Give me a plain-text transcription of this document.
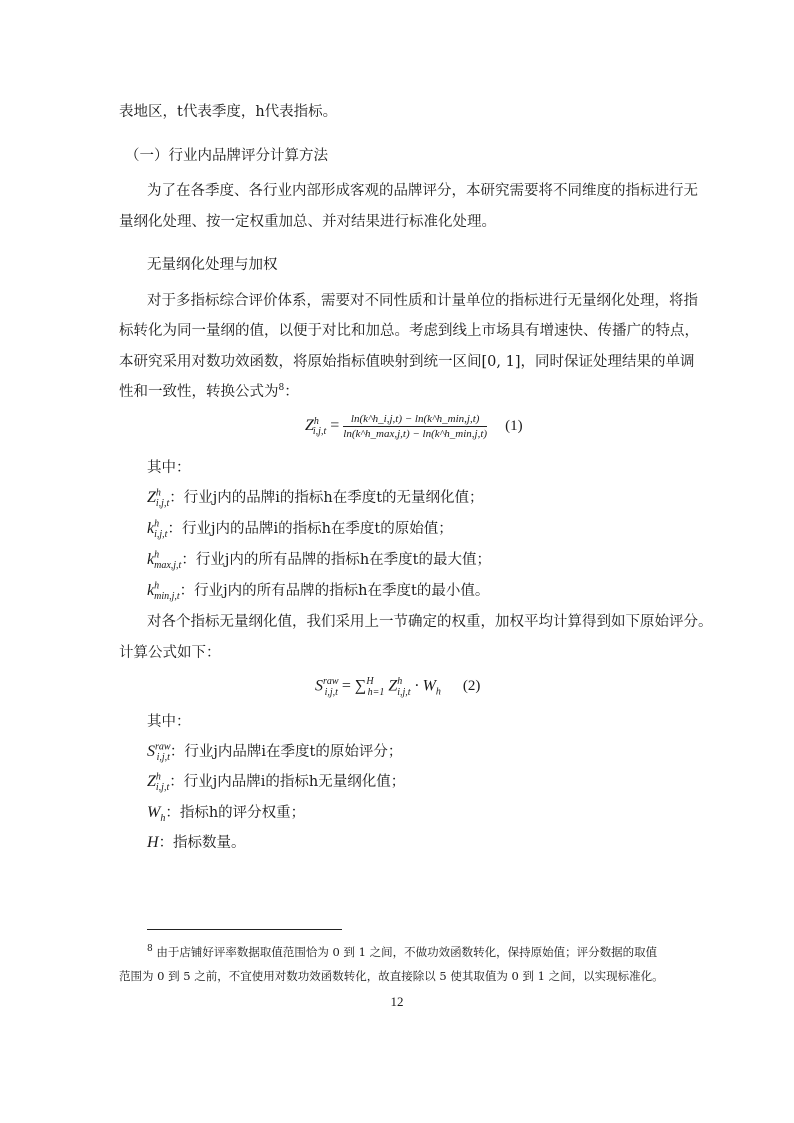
表地区，t代表季度，h代表指标。
（一）行业内品牌评分计算方法
为了在各季度、各行业内部形成客观的品牌评分，本研究需要将不同维度的指标进行无
量纲化处理、按一定权重加总、并对结果进行标准化处理。
无量纲化处理与加权
对于多指标综合评价体系，需要对不同性质和计量单位的指标进行无量纲化处理，将指
标转化为同一量纲的值，以便于对比和加总。考虑到线上市场具有增速快、传播广的特点，
本研究采用对数功效函数，将原始指标值映射到统一区间[0, 1]，同时保证处理结果的单调
性和一致性，转换公式为$^8$：
$Z^h_{i,j,t} = \frac{\ln(k\^{}h\_i,j,t) - \ln(k\^{}h\_\min,j,t)}{\ln(k\^{}h\_\max,j,t) - \ln(k\^{}h\_\min,j,t)} (1)$
其中：
$Z^h_{i,j,t}$：行业j内的品牌i的指标h在季度t的无量纲化值；
$k^h_{i,j,t}$：行业j内的品牌i的指标h在季度t的原始值；
$k^h_{max,j,t}$：行业j内的所有品牌的指标h在季度t的最大值；
$k^h_{min,j,t}$：行业j内的所有品牌的指标h在季度t的最小值。
对各个指标无量纲化值，我们采用上一节确定的权重，加权平均计算得到如下原始评分。
计算公式如下：
$S^{raw}_{i,j,t} = \sum^H_{h=1}$ $Z^h_{i,j,t} \cdot W_h$ (2)
其中：
$S^{raw}_{i,j,t}$：行业j内品牌i在季度t的原始评分；
$Z^h_{i,j,t}$：行业j内品牌i的指标h无量纲化值；
$W_h$：指标h的评分权重；
H：指标数量。
$^8$ 由于店铺好评率数据取值范围恰为 0 到 1 之间，不做功效函数转化，保持原始值；评分数据的取值
范围为 0 到 5 之前，不宜使用对数功效函数转化，故直接除以 5 使其取值为 0 到 1 之间，以实现标准化。
12
